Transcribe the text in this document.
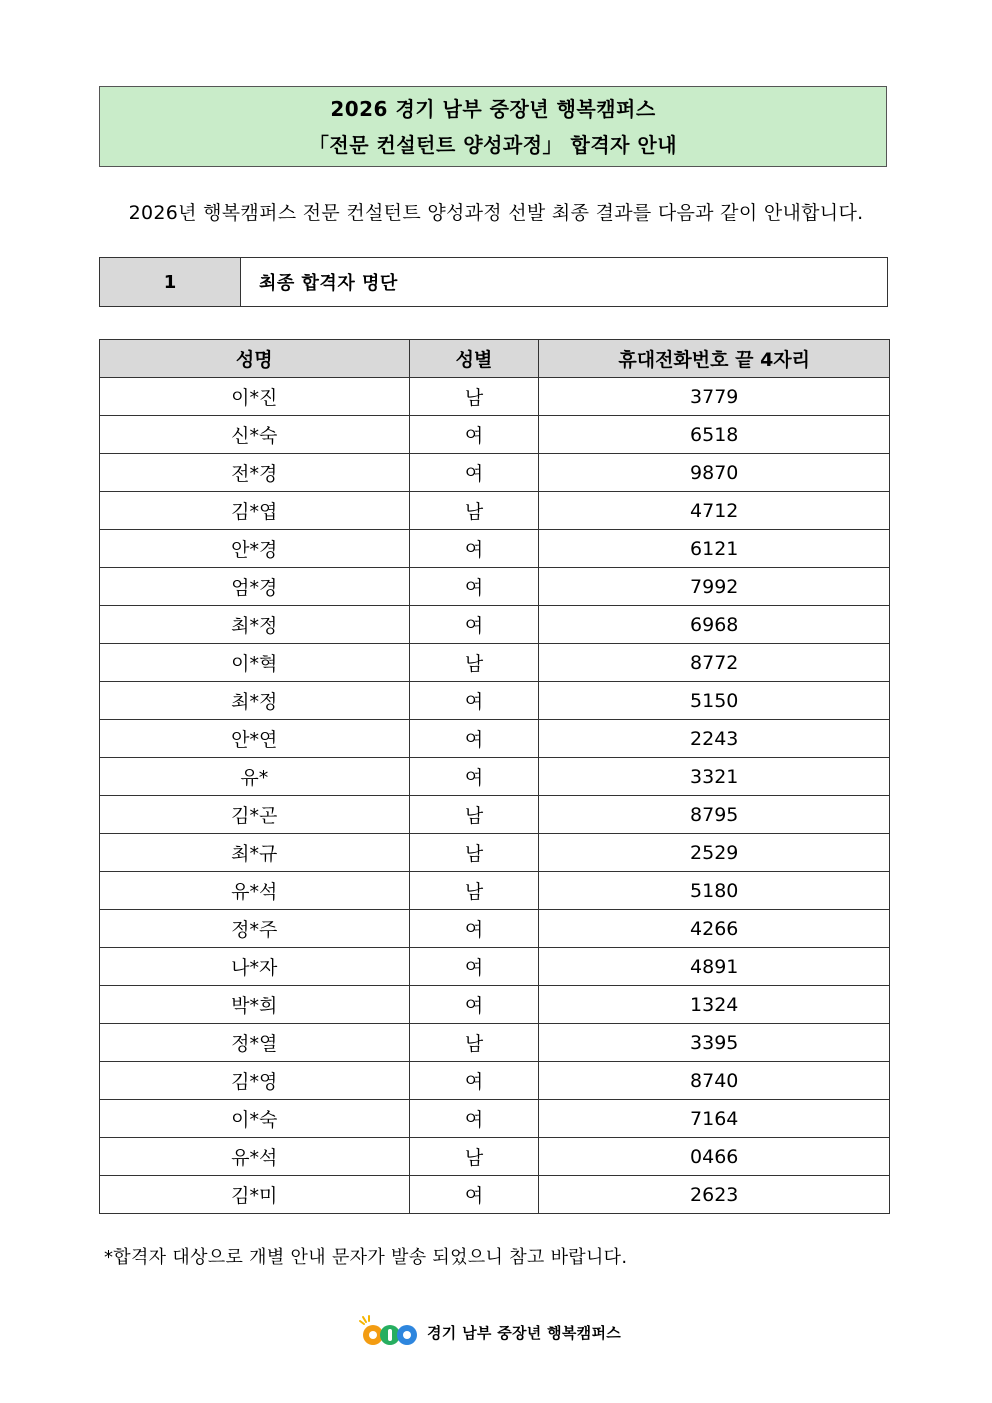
2026 경기 남부 중장년 행복캠퍼스
「전문 컨설턴트 양성과정」 합격자 안내
2026년 행복캠퍼스 전문 컨설턴트 양성과정 선발 최종 결과를 다음과 같이 안내합니다.
1	최종 합격자 명단
성명	성별	휴대전화번호 끝 4자리
이*진	남	3779
신*숙	여	6518
전*경	여	9870
김*엽	남	4712
안*경	여	6121
엄*경	여	7992
최*정	여	6968
이*혁	남	8772
최*정	여	5150
안*연	여	2243
유*	여	3321
김*곤	남	8795
최*규	남	2529
유*석	남	5180
정*주	여	4266
나*자	여	4891
박*희	여	1324
정*열	남	3395
김*영	여	8740
이*숙	여	7164
유*석	남	0466
김*미	여	2623
*합격자 대상으로 개별 안내 문자가 발송 되었으니 참고 바랍니다.
경기 남부 중장년 행복캠퍼스
